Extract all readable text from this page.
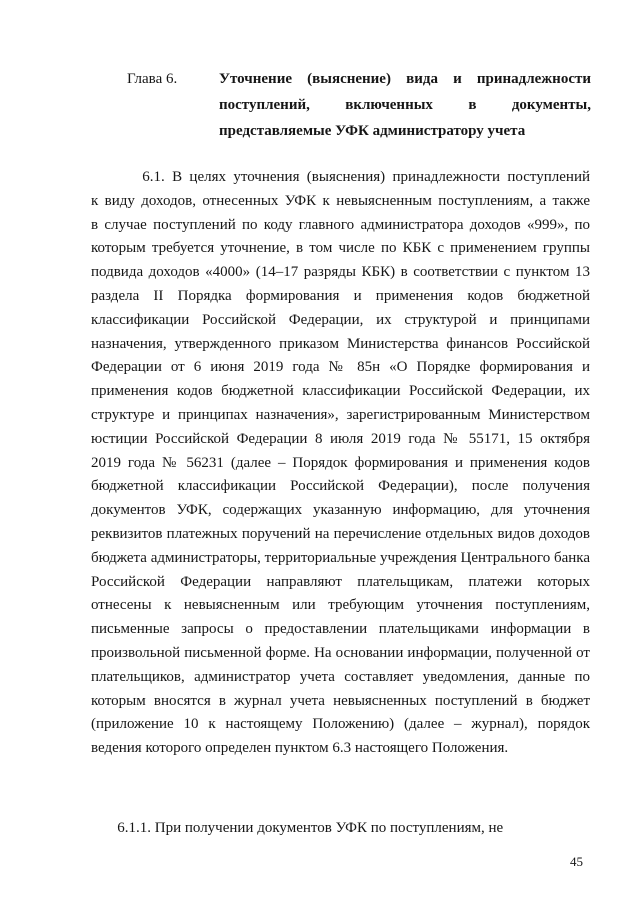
Глава 6.	Уточнение (выяснение) вида и принадлежности
поступлений, включенных в документы,
представляемые УФК администратору учета
6.1. В целях уточнения (выяснения) принадлежности поступлений
к виду доходов, отнесенных УФК к невыясненным поступлениям, а также
в случае поступлений по коду главного администратора доходов «999», по
которым требуется уточнение, в том числе по КБК с применением группы
подвида доходов «4000» (14–17 разряды КБК) в соответствии с пунктом 13
раздела II Порядка формирования и применения кодов бюджетной
классификации Российской Федерации, их структурой и принципами
назначения, утвержденного приказом Министерства финансов Российской
Федерации от 6 июня 2019 года № 85н «О Порядке формирования и
применения кодов бюджетной классификации Российской Федерации, их
структуре и принципах назначения», зарегистрированным Министерством
юстиции Российской Федерации 8 июля 2019 года № 55171, 15 октября
2019 года № 56231 (далее – Порядок формирования и применения кодов
бюджетной классификации Российской Федерации), после получения
документов УФК, содержащих указанную информацию, для уточнения
реквизитов платежных поручений на перечисление отдельных видов доходов
бюджета администраторы, территориальные учреждения Центрального банка
Российской Федерации направляют плательщикам, платежи которых
отнесены к невыясненным или требующим уточнения поступлениям,
письменные запросы о предоставлении плательщиками информации в
произвольной письменной форме. На основании информации, полученной от
плательщиков, администратор учета составляет уведомления, данные по
которым вносятся в журнал учета невыясненных поступлений в бюджет
(приложение 10 к настоящему Положению) (далее – журнал), порядок
ведения которого определен пунктом 6.3 настоящего Положения.
6.1.1. При получении документов УФК по поступлениям, не
45
